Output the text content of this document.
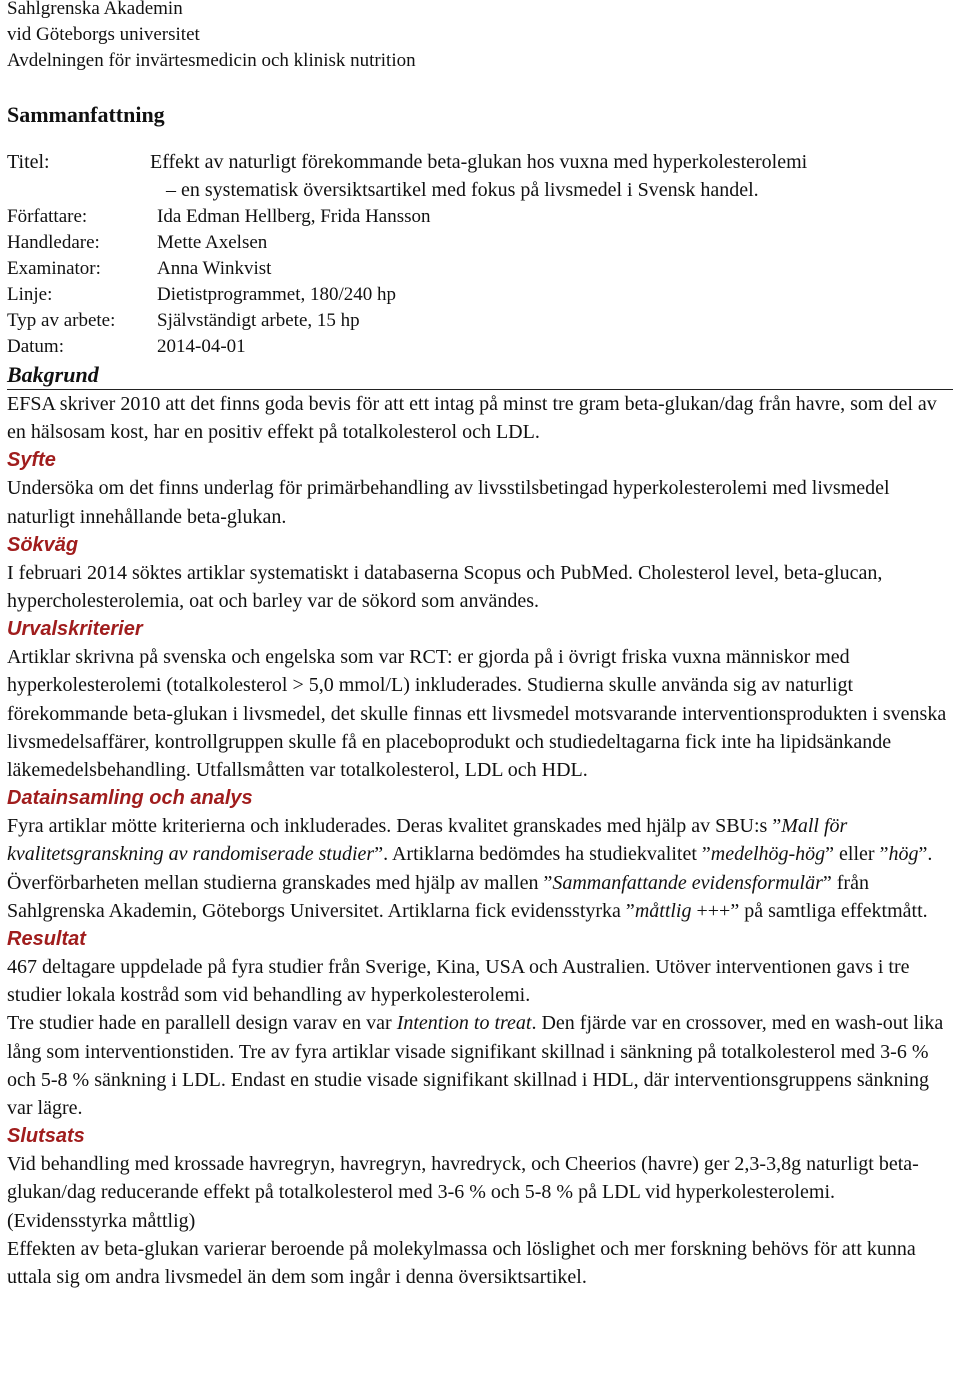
Sahlgrenska Akademin
vid Göteborgs universitet
Avdelningen för invärtesmedicin och klinisk nutrition
Sammanfattning
Titel:	Effekt av naturligt förekommande beta-glukan hos vuxna med hyperkolesterolemi
– en systematisk översiktsartikel med fokus på livsmedel i Svensk handel.
Författare:	Ida Edman Hellberg, Frida Hansson
Handledare:	Mette Axelsen
Examinator:	Anna Winkvist
Linje:	Dietistprogrammet, 180/240 hp
Typ av arbete:	Självständigt arbete, 15 hp
Datum:	2014-04-01
Bakgrund
EFSA skriver 2010 att det finns goda bevis för att ett intag på minst tre gram beta-glukan/dag från havre, som del av en hälsosam kost, har en positiv effekt på totalkolesterol och LDL.
Syfte
Undersöka om det finns underlag för primärbehandling av livsstilsbetingad hyperkolesterolemi med livsmedel naturligt innehållande beta-glukan.
Sökväg
I februari 2014 söktes artiklar systematiskt i databaserna Scopus och PubMed. Cholesterol level, beta-glucan, hypercholesterolemia, oat och barley var de sökord som användes.
Urvalskriterier
Artiklar skrivna på svenska och engelska som var RCT: er gjorda på i övrigt friska vuxna människor med hyperkolesterolemi (totalkolesterol > 5,0 mmol/L) inkluderades. Studierna skulle använda sig av naturligt förekommande beta-glukan i livsmedel, det skulle finnas ett livsmedel motsvarande interventionsprodukten i svenska livsmedelsaffärer, kontrollgruppen skulle få en placeboprodukt och studiedeltagarna fick inte ha lipidsänkande läkemedelsbehandling. Utfallsmåtten var totalkolesterol, LDL och HDL.
Datainsamling och analys
Fyra artiklar mötte kriterierna och inkluderades. Deras kvalitet granskades med hjälp av SBU:s ”Mall för kvalitetsgranskning av randomiserade studier”. Artiklarna bedömdes ha studiekvalitet ”medelhög-hög” eller ”hög”. Överförbarheten mellan studierna granskades med hjälp av mallen ”Sammanfattande evidensformulär” från Sahlgrenska Akademin, Göteborgs Universitet. Artiklarna fick evidensstyrka ”måttlig +++” på samtliga effektmått.
Resultat
467 deltagare uppdelade på fyra studier från Sverige, Kina, USA och Australien. Utöver interventionen gavs i tre studier lokala kostråd som vid behandling av hyperkolesterolemi.
Tre studier hade en parallell design varav en var Intention to treat. Den fjärde var en crossover, med en wash-out lika lång som interventionstiden. Tre av fyra artiklar visade signifikant skillnad i sänkning på totalkolesterol med 3-6 % och 5-8 % sänkning i LDL. Endast en studie visade signifikant skillnad i HDL, där interventionsgruppens sänkning var lägre.
Slutsats
Vid behandling med krossade havregryn, havregryn, havredryck, och Cheerios (havre) ger 2,3-3,8g naturligt beta-glukan/dag reducerande effekt på totalkolesterol med 3-6 % och 5-8 % på LDL vid hyperkolesterolemi. (Evidensstyrka måttlig)
Effekten av beta-glukan varierar beroende på molekylmassa och löslighet och mer forskning behövs för att kunna uttala sig om andra livsmedel än dem som ingår i denna översiktsartikel.
